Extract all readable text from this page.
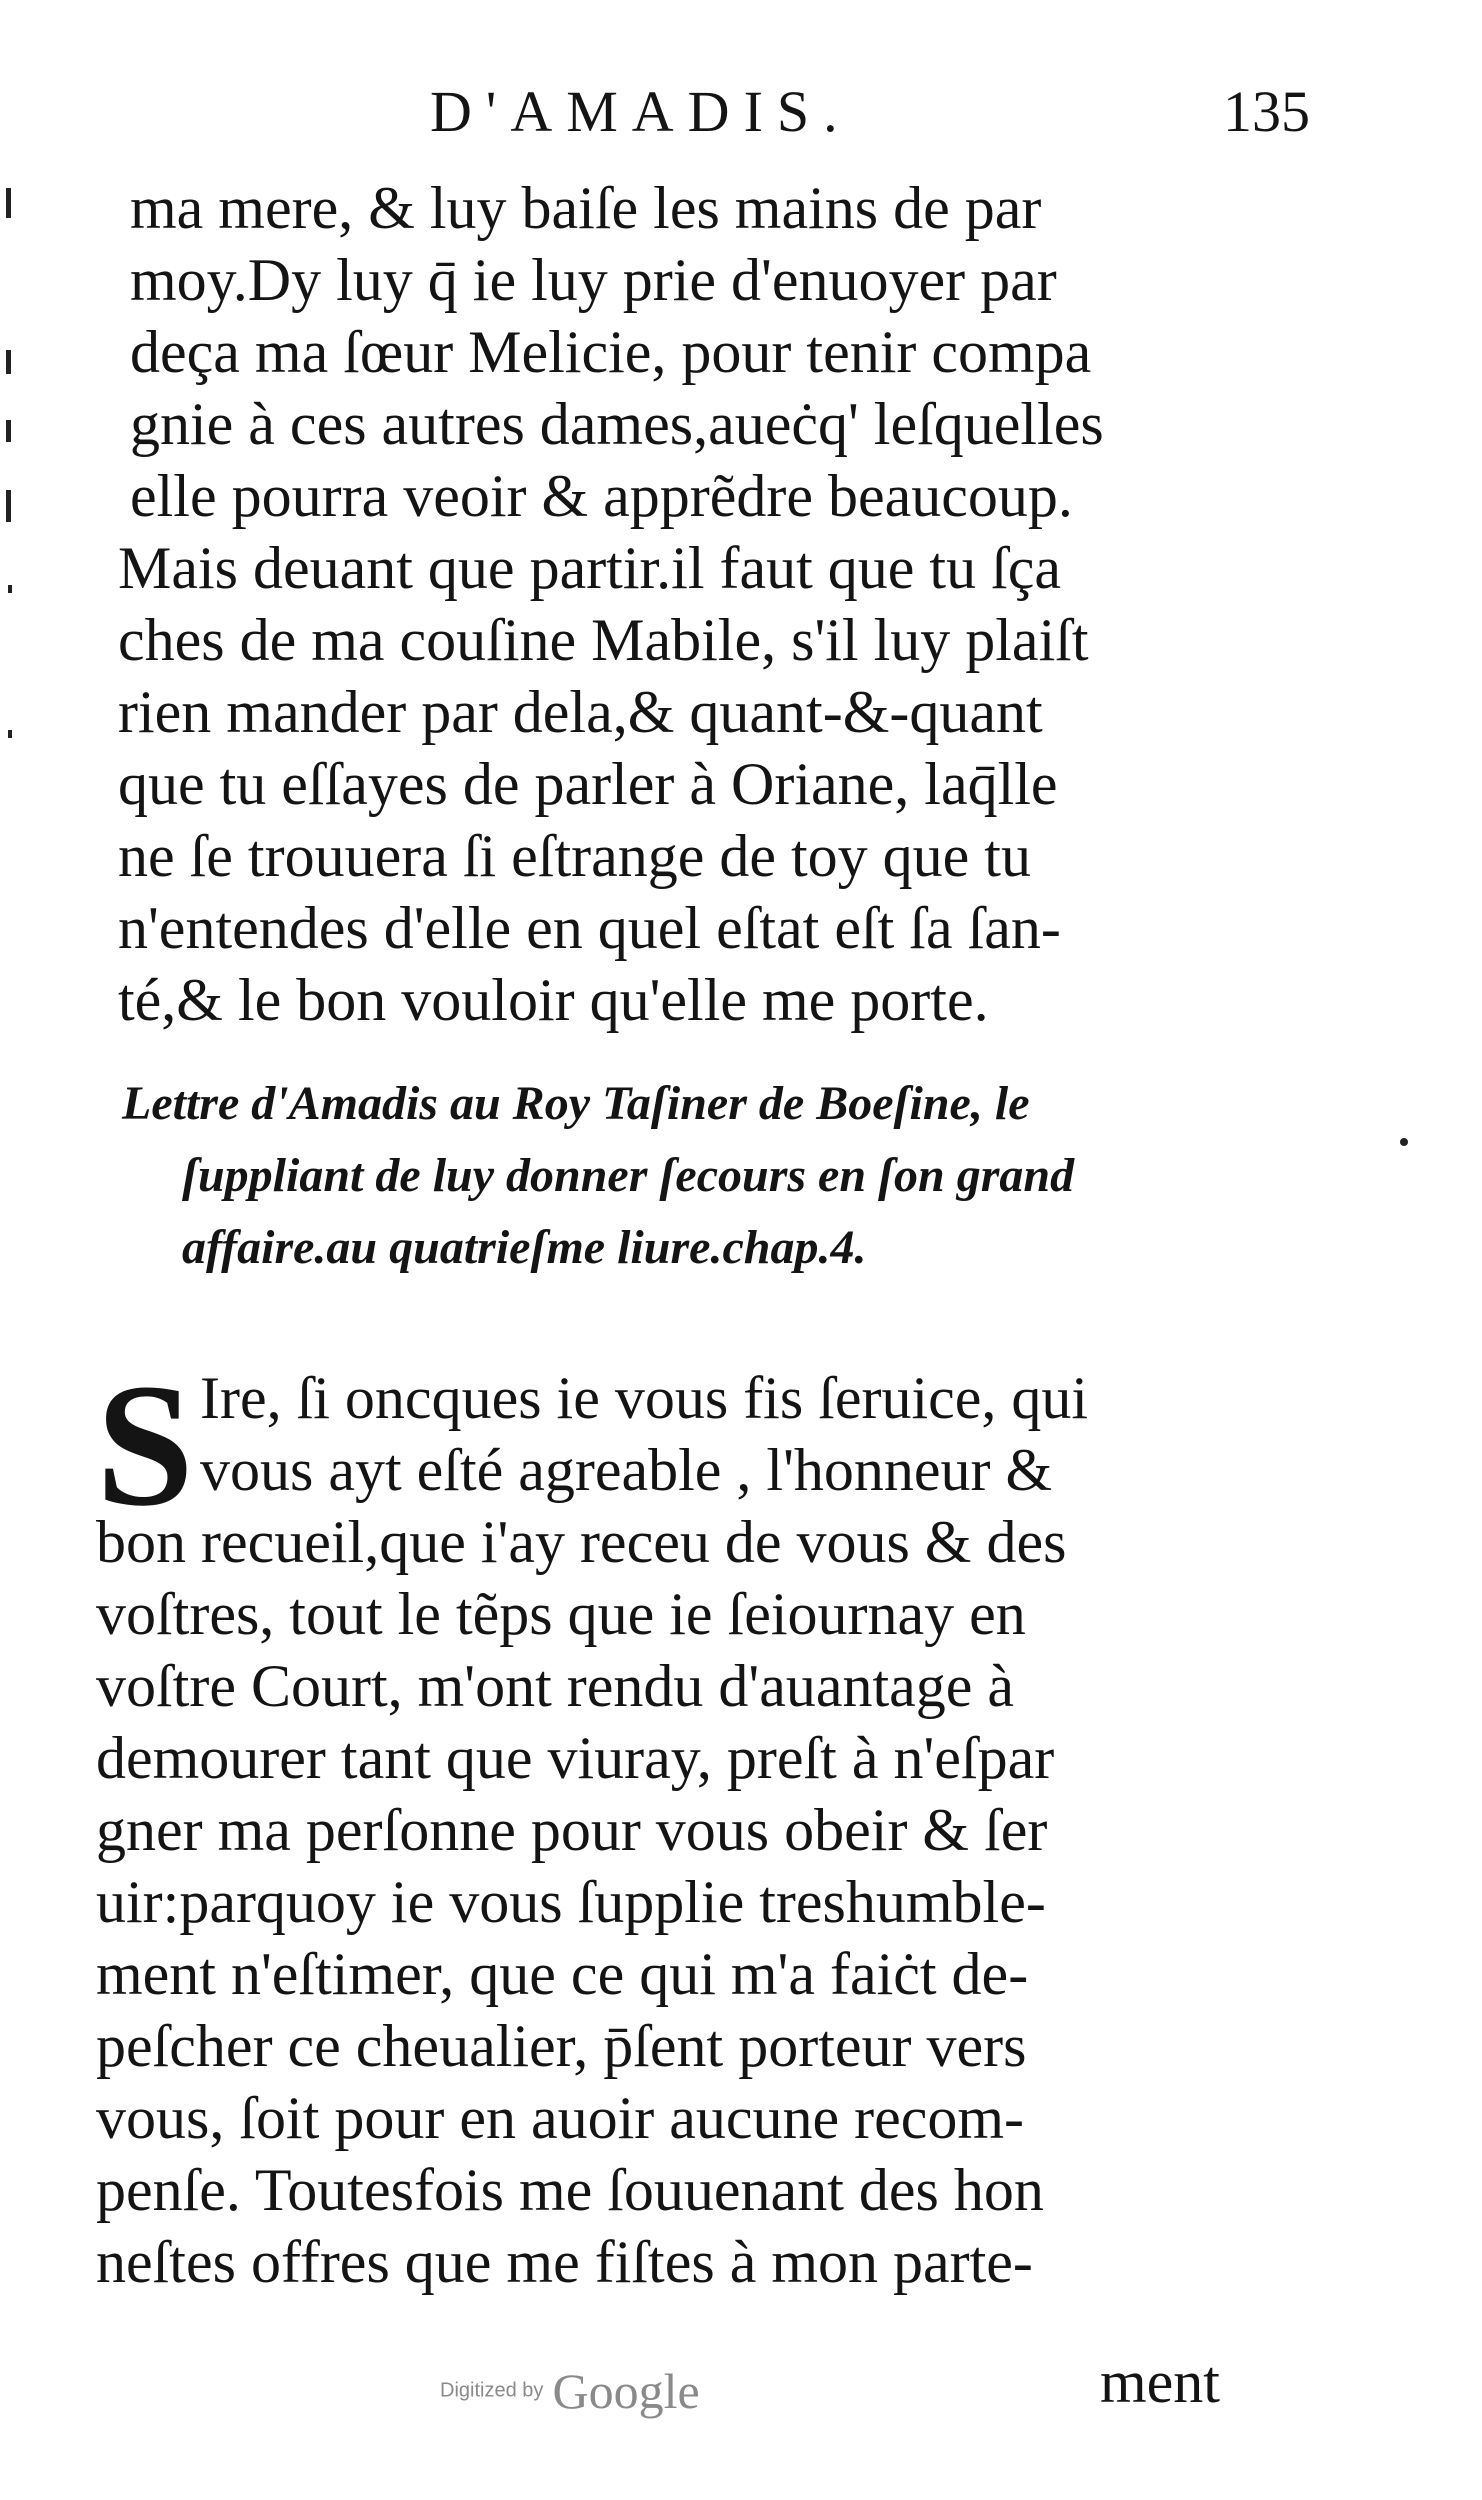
D'AMADIS.	135
ma mere, & luy baiſe les mains de par
moy.Dy luy q̄ ie luy prie d'enuoyer par
deça ma ſœur Melicie, pour tenir compa
gnie à ces autres dames,aueċq' leſquelles
elle pourra veoir & apprẽdre beaucoup.
Mais deuant que partir.il faut que tu ſça
ches de ma couſine Mabile, s'il luy plaiſt
rien mander par dela,& quant-&-quant
que tu eſſayes de parler à Oriane, laq̄lle
ne ſe trouuera ſi eſtrange de toy que tu
n'entendes d'elle en quel eſtat eſt ſa ſan-
té,& le bon vouloir qu'elle me porte.
Lettre d'Amadis au Roy Taſiner de Boeſine, le
ſuppliant de luy donner ſecours en ſon grand
affaire.au quatrieſme liure.chap.4.
S Ire, ſi oncques ie vous fis ſeruice, qui
vous ayt eſté agreable , l'honneur &
bon recueil,que i'ay receu de vous & des
voſtres, tout le tẽps que ie ſeiournay en
voſtre Court, m'ont rendu d'auantage à
demourer tant que viuray, preſt à n'eſpar
gner ma perſonne pour vous obeir & ſer
uir:parquoy ie vous ſupplie treshumble-
ment n'eſtimer, que ce qui m'a faiċt de-
peſcher ce cheualier, p̄ſent porteur vers
vous, ſoit pour en auoir aucune recom-
penſe. Toutesfois me ſouuenant des hon
neſtes offres que me fiſtes à mon parte-
ment
Digitized by Google
